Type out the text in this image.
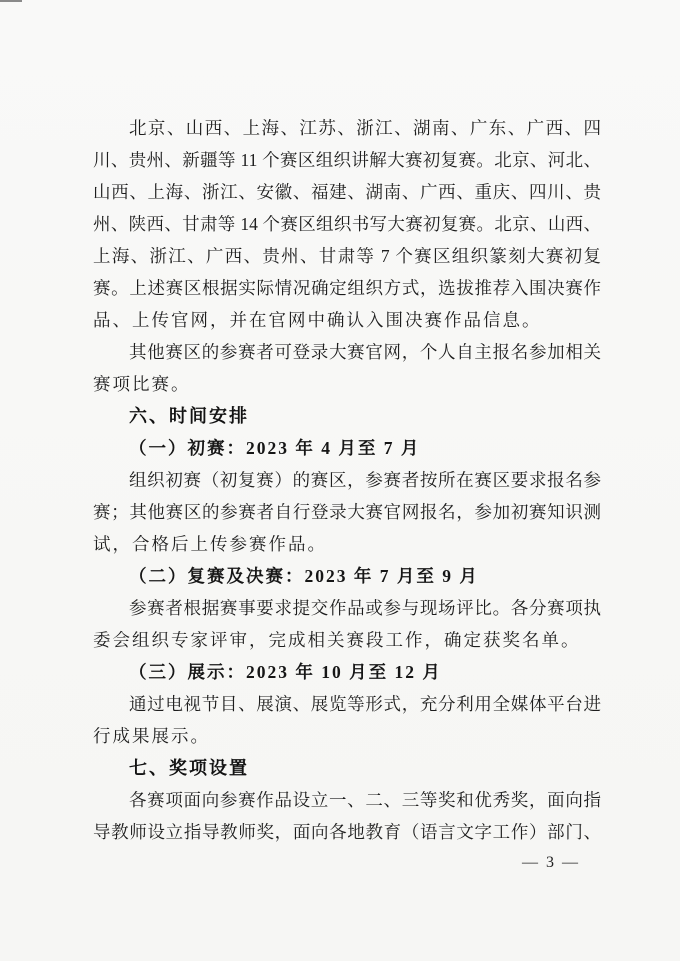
北京、山西、上海、江苏、浙江、湖南、广东、广西、四
川、贵州、新疆等 11 个赛区组织讲解大赛初复赛。北京、河北、
山西、上海、浙江、安徽、福建、湖南、广西、重庆、四川、贵
州、陕西、甘肃等 14 个赛区组织书写大赛初复赛。北京、山西、
上海、浙江、广西、贵州、甘肃等 7 个赛区组织篆刻大赛初复
赛。上述赛区根据实际情况确定组织方式，选拔推荐入围决赛作
品、上传官网，并在官网中确认入围决赛作品信息。
其他赛区的参赛者可登录大赛官网，个人自主报名参加相关
赛项比赛。
六、时间安排
（一）初赛：2023 年 4 月至 7 月
组织初赛（初复赛）的赛区，参赛者按所在赛区要求报名参
赛；其他赛区的参赛者自行登录大赛官网报名，参加初赛知识测
试，合格后上传参赛作品。
（二）复赛及决赛：2023 年 7 月至 9 月
参赛者根据赛事要求提交作品或参与现场评比。各分赛项执
委会组织专家评审，完成相关赛段工作，确定获奖名单。
（三）展示：2023 年 10 月至 12 月
通过电视节目、展演、展览等形式，充分利用全媒体平台进
行成果展示。
七、奖项设置
各赛项面向参赛作品设立一、二、三等奖和优秀奖，面向指
导教师设立指导教师奖，面向各地教育（语言文字工作）部门、
— 3 —
